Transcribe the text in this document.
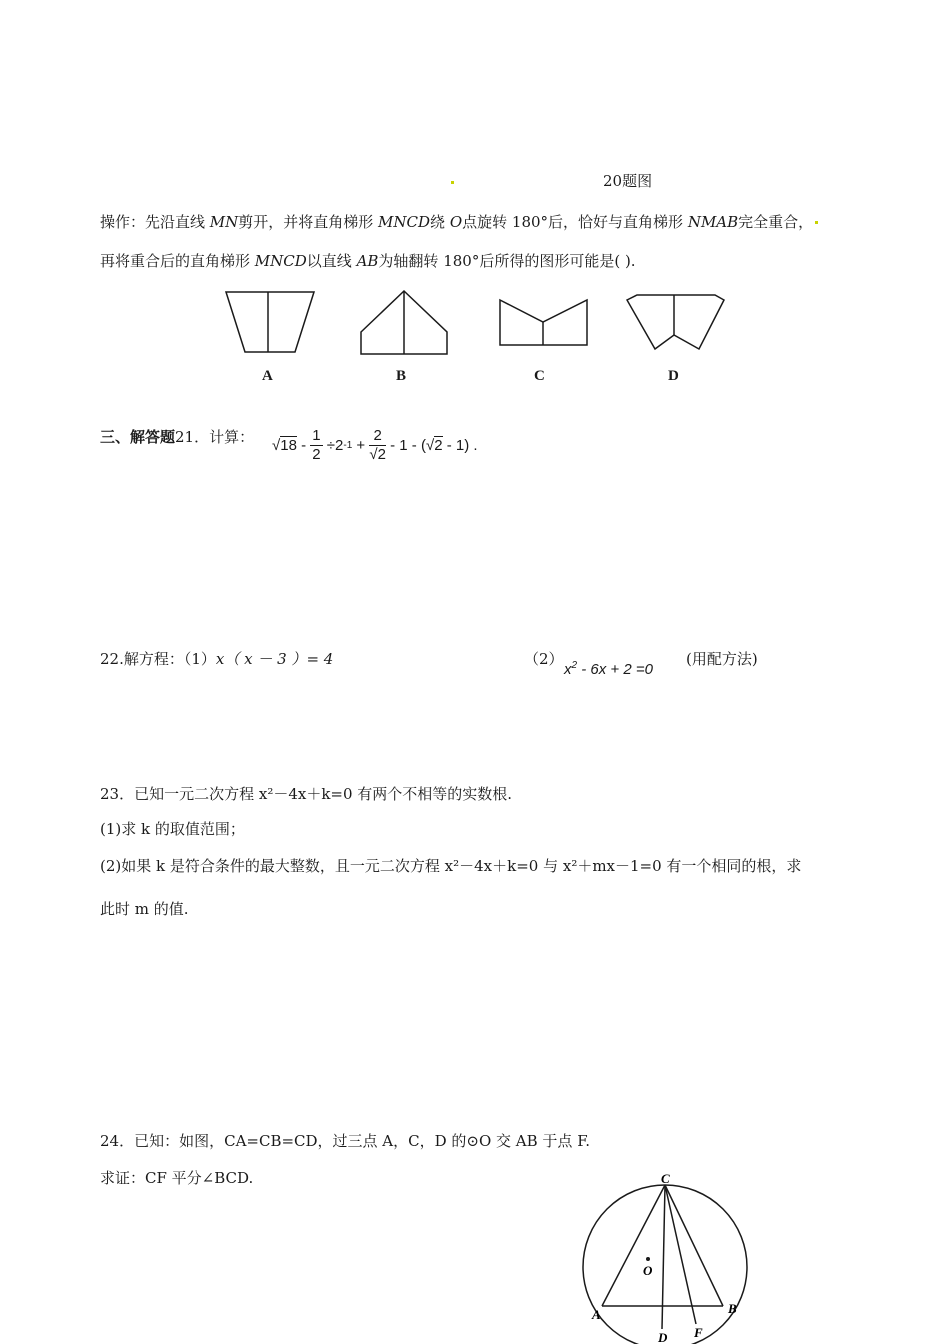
20题图
操作：先沿直线 MN剪开，并将直角梯形 MNCD绕 O点旋转 180°后，恰好与直角梯形 NMAB完全重合，
再将重合后的直角梯形 MNCD以直线 AB为轴翻转 180°后所得的图形可能是( ).
A	B	C	D
三、解答题21．计算： √ $18 - \frac{1}{2} \div 2$ $-1 + \frac{2}{√2} - 1$ - ( √ 2 - 1) .
22.解方程：（1）x（ x － 3 ）= 4	（2）
$x^2 - 6x + 2 =0$
(用配方法)
23．已知一元二次方程 x²－4x＋k=0 有两个不相等的实数根.
(1)求 k 的取值范围；
(2)如果 k 是符合条件的最大整数，且一元二次方程 x²－4x＋k=0 与 x²＋mx－1=0 有一个相同的根，求
此时 m 的值.
24．已知：如图，CA=CB=CD，过三点 A，C，D 的⊙O 交 AB 于点 F.
求证：CF 平分∠BCD.	C
O
A	B
F
D
